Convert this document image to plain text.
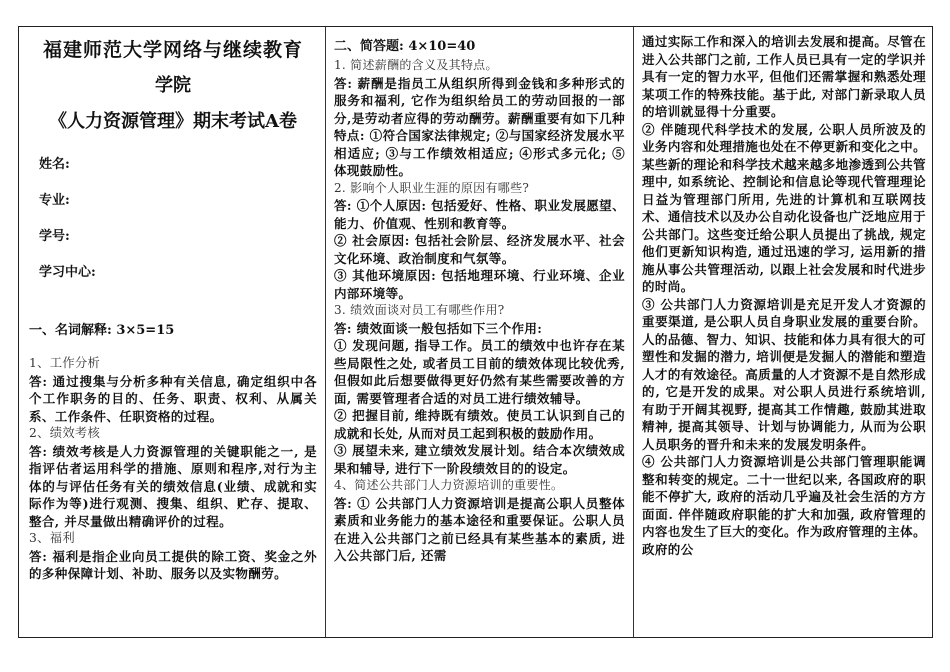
福建师范大学网络与继续教育
学院
《人力资源管理》期末考试A卷
姓名:
专业:
学号:
学习中心:
一、名词解释: 3×5=15

1、工作分析

答: 通过搜集与分析多种有关信息, 确定组织中各个工作职务的目的、任务、职责、权利、从属关系、工作条件、任职资格的过程。

2、绩效考核

答: 绩效考核是人力资源管理的关键职能之一, 是指评估者运用科学的措施、原则和程序,对行为主体的与评估任务有关的绩效信息(业绩、成就和实际作为等)进行观测、搜集、组织、贮存、提取、整合, 并尽量做出精确评价的过程。

3、福利

答: 福利是指企业向员工提供的除工资、奖金之外的多种保障计划、补助、服务以及实物酬劳。

二、简答题: 4×10=40

1. 简述薪酬的含义及其特点。

答: 薪酬是指员工从组织所得到金钱和多种形式的服务和福利, 它作为组织给员工的劳动回报的一部分,是劳动者应得的劳动酬劳。薪酬重要有如下几种特点: ①符合国家法律规定; ②与国家经济发展水平相适应; ③与工作绩效相适应; ④形式多元化; ⑤ 体现鼓励性。

2. 影响个人职业生涯的原因有哪些?

答: ①个人原因: 包括爱好、性格、职业发展愿望、能力、价值观、性别和教育等。

② 社会原因: 包括社会阶层、经济发展水平、社会文化环境、政治制度和气氛等。

③ 其他环境原因: 包括地理环境、行业环境、企业内部环境等。

3. 绩效面谈对员工有哪些作用?

答: 绩效面谈一般包括如下三个作用:

① 发现问题, 指导工作。员工的绩效中也许存在某些局限性之处, 或者员工目前的绩效体现比较优秀, 但假如此后想要做得更好仍然有某些需要改善的方面, 需要管理者合适的对员工进行绩效辅导。

② 把握目前, 维持既有绩效。使员工认识到自己的成就和长处, 从而对员工起到积极的鼓励作用。

③ 展望未来, 建立绩效发展计划。结合本次绩效成果和辅导, 进行下一阶段绩效目的的设定。

4、简述公共部门人力资源培训的重要性。

答: ① 公共部门人力资源培训是提高公职人员整体素质和业务能力的基本途径和重要保证。公职人员在进入公共部门之前已经具有某些基本的素质, 进入公共部门后, 还需

通过实际工作和深入的培训去发展和提高。尽管在进入公共部门之前, 工作人员已具有一定的学识并具有一定的智力水平, 但他们还需掌握和熟悉处理某项工作的特殊技能。基于此, 对部门新录取人员的培训就显得十分重要。

② 伴随现代科学技术的发展, 公职人员所波及的业务内容和处理措施也处在不停更新和变化之中。某些新的理论和科学技术越来越多地渗透到公共管理中, 如系统论、控制论和信息论等现代管理理论日益为管理部门所用, 先进的计算机和互联网技术、通信技术以及办公自动化设备也广泛地应用于公共部门。这些变迁给公职人员提出了挑战, 规定他们更新知识构造, 通过迅速的学习, 运用新的措施从事公共管理活动, 以跟上社会发展和时代进步的时尚。

③ 公共部门人力资源培训是充足开发人才资源的重要渠道, 是公职人员自身职业发展的重要台阶。人的品德、智力、知识、技能和体力具有很大的可塑性和发掘的潜力, 培训便是发掘人的潜能和塑造人才的有效途径。高质量的人才资源不是自然形成的, 它是开发的成果。对公职人员进行系统培训, 有助于开阔其视野, 提高其工作情趣, 鼓励其进取精神, 提高其领导、计划与协调能力, 从而为公职人员职务的晋升和未来的发展发明条件。

④ 公共部门人力资源培训是公共部门管理职能调整和转变的规定。二十一世纪以来, 各国政府的职能不停扩大, 政府的活动几乎遍及社会生活的方方面面. 伴伴随政府职能的扩大和加强, 政府管理的内容也发生了巨大的变化。作为政府管理的主体。政府的公
